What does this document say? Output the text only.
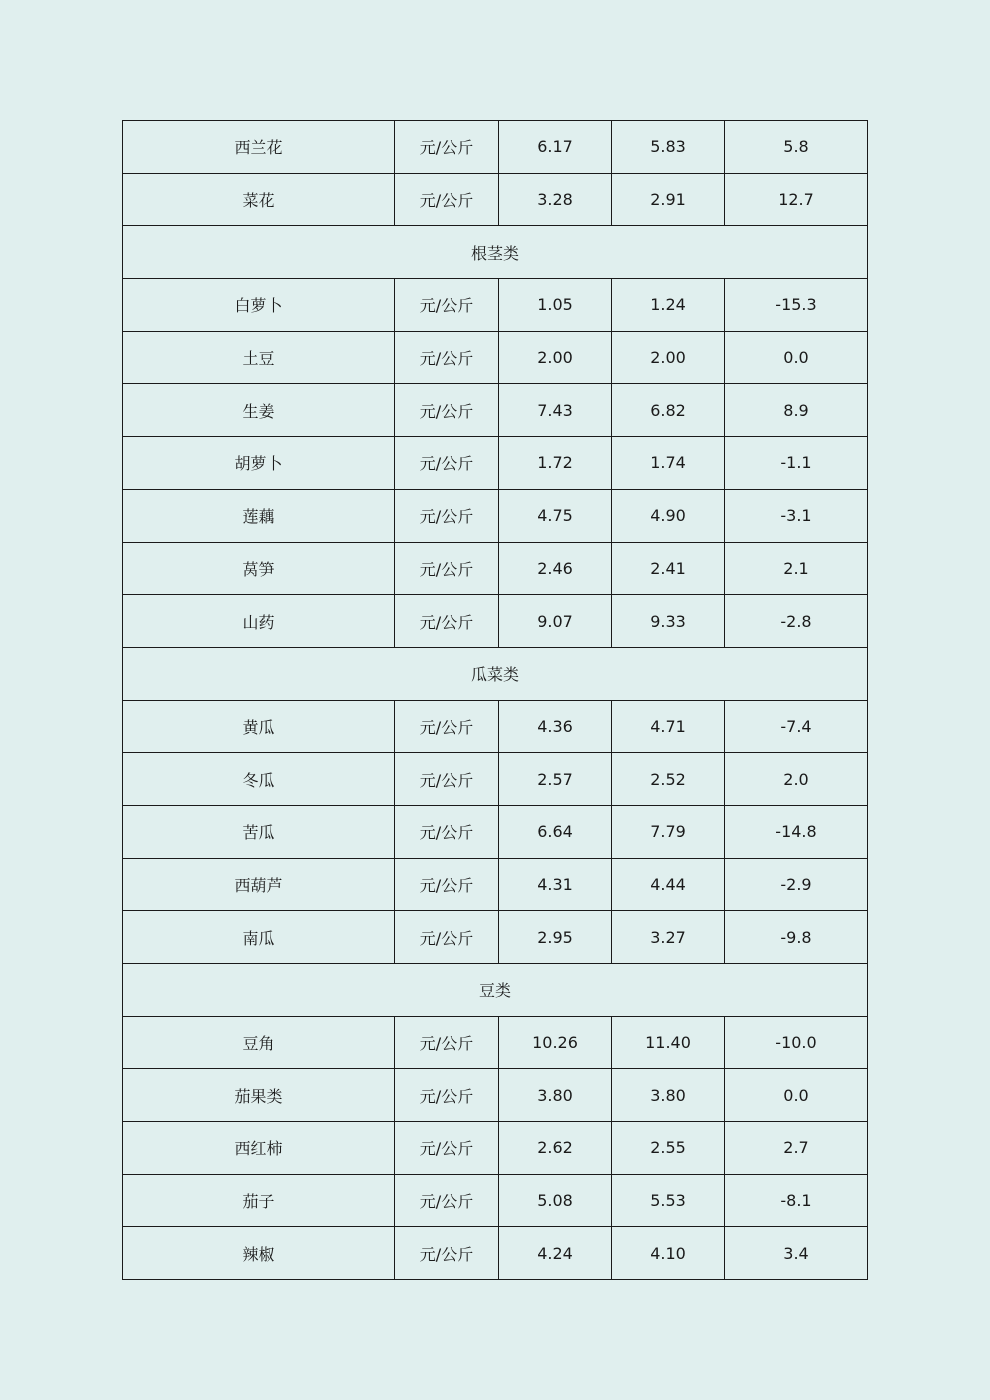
西兰花	元/公斤	6.17	5.83	5.8
菜花	元/公斤	3.28	2.91	12.7
根茎类				
白萝卜	元/公斤	1.05	1.24	-15.3
土豆	元/公斤	2.00	2.00	0.0
生姜	元/公斤	7.43	6.82	8.9
胡萝卜	元/公斤	1.72	1.74	-1.1
莲藕	元/公斤	4.75	4.90	-3.1
莴笋	元/公斤	2.46	2.41	2.1
山药	元/公斤	9.07	9.33	-2.8
瓜菜类				
黄瓜	元/公斤	4.36	4.71	-7.4
冬瓜	元/公斤	2.57	2.52	2.0
苦瓜	元/公斤	6.64	7.79	-14.8
西葫芦	元/公斤	4.31	4.44	-2.9
南瓜	元/公斤	2.95	3.27	-9.8
豆类				
豆角	元/公斤	10.26	11.40	-10.0
茄果类	元/公斤	3.80	3.80	0.0
西红柿	元/公斤	2.62	2.55	2.7
茄子	元/公斤	5.08	5.53	-8.1
辣椒	元/公斤	4.24	4.10	3.4
